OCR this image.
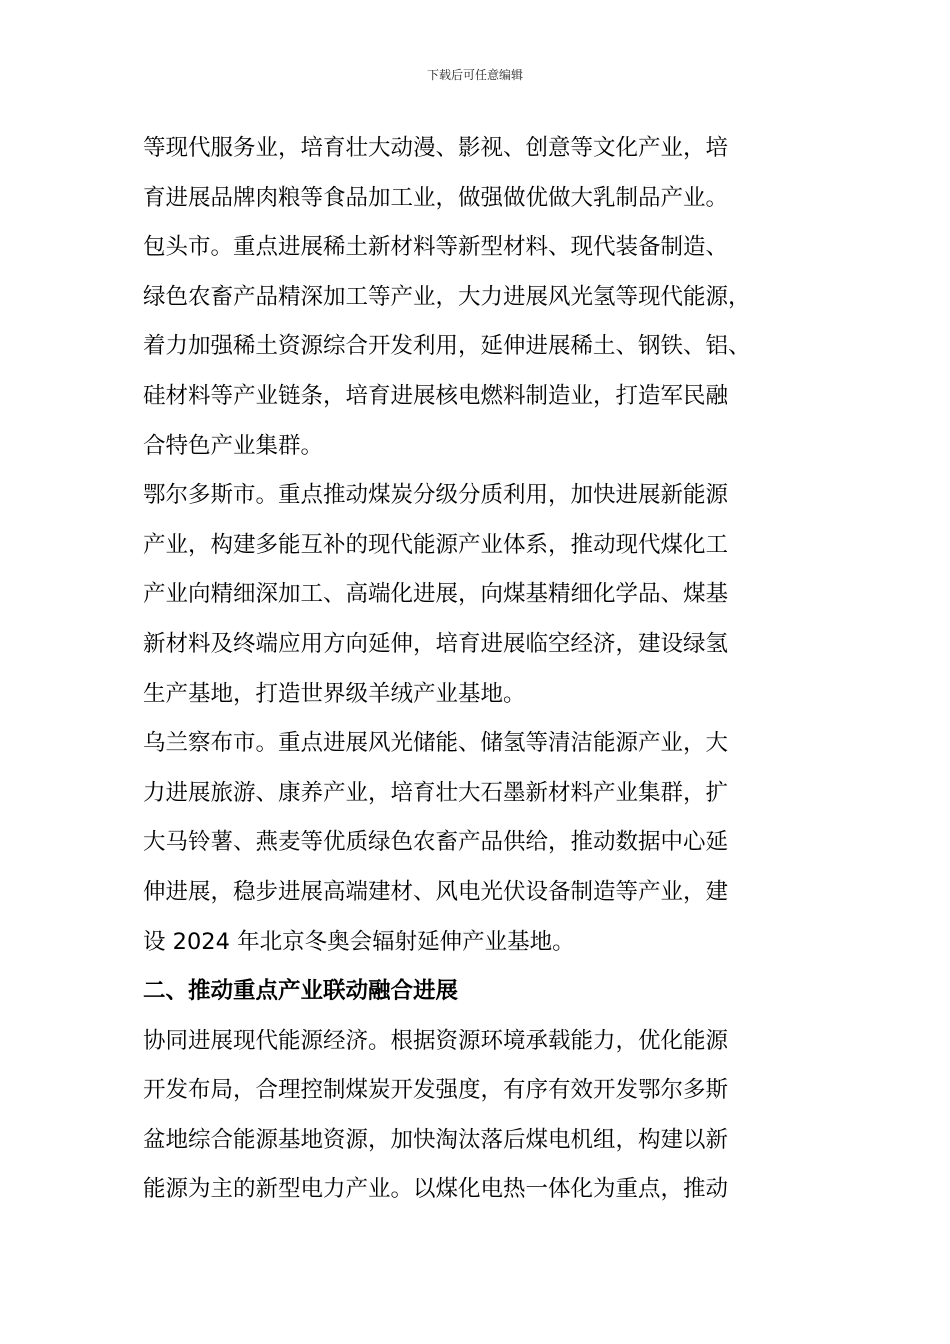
下载后可任意编辑
等现代服务业，培育壮大动漫、影视、创意等文化产业，培
育进展品牌肉粮等食品加工业，做强做优做大乳制品产业。
包头市。重点进展稀土新材料等新型材料、现代装备制造、
绿色农畜产品精深加工等产业，大力进展风光氢等现代能源，
着力加强稀土资源综合开发利用，延伸进展稀土、钢铁、铝、
硅材料等产业链条，培育进展核电燃料制造业，打造军民融
合特色产业集群。
鄂尔多斯市。重点推动煤炭分级分质利用，加快进展新能源
产业，构建多能互补的现代能源产业体系，推动现代煤化工
产业向精细深加工、高端化进展，向煤基精细化学品、煤基
新材料及终端应用方向延伸，培育进展临空经济，建设绿氢
生产基地，打造世界级羊绒产业基地。
乌兰察布市。重点进展风光储能、储氢等清洁能源产业，大
力进展旅游、康养产业，培育壮大石墨新材料产业集群，扩
大马铃薯、燕麦等优质绿色农畜产品供给，推动数据中心延
伸进展，稳步进展高端建材、风电光伏设备制造等产业，建
设 2024 年北京冬奥会辐射延伸产业基地。
二、推动重点产业联动融合进展
协同进展现代能源经济。根据资源环境承载能力，优化能源
开发布局，合理控制煤炭开发强度，有序有效开发鄂尔多斯
盆地综合能源基地资源，加快淘汰落后煤电机组，构建以新
能源为主的新型电力产业。以煤化电热一体化为重点，推动
